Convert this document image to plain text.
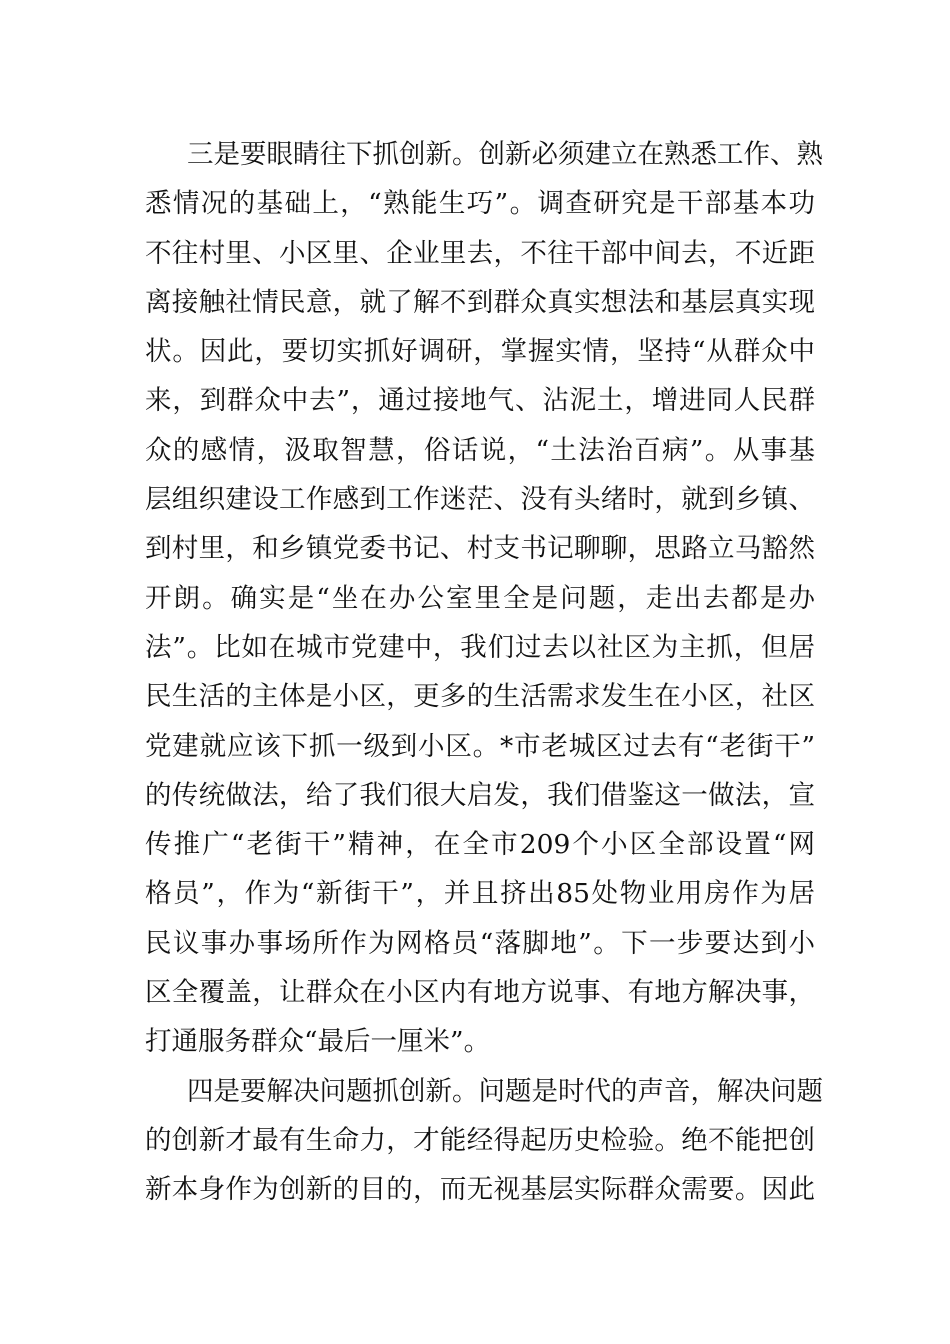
三是要眼睛往下抓创新。创新必须建立在熟悉工作、熟
悉情况的基础上，“熟能生巧”。调查研究是干部基本功
不往村里、小区里、企业里去，不往干部中间去，不近距
离接触社情民意，就了解不到群众真实想法和基层真实现
状。因此，要切实抓好调研，掌握实情，坚持“从群众中
来，到群众中去”，通过接地气、沾泥土，增进同人民群
众的感情，汲取智慧，俗话说，“土法治百病”。从事基
层组织建设工作感到工作迷茫、没有头绪时，就到乡镇、
到村里，和乡镇党委书记、村支书记聊聊，思路立马豁然
开朗。确实是“坐在办公室里全是问题，走出去都是办
法”。比如在城市党建中，我们过去以社区为主抓，但居
民生活的主体是小区，更多的生活需求发生在小区，社区
党建就应该下抓一级到小区。*市老城区过去有“老街干”
的传统做法，给了我们很大启发，我们借鉴这一做法，宣
传推广“老街干”精神，在全市209个小区全部设置“网
格员”，作为“新街干”，并且挤出85处物业用房作为居
民议事办事场所作为网格员“落脚地”。下一步要达到小
区全覆盖，让群众在小区内有地方说事、有地方解决事，
打通服务群众“最后一厘米”。
四是要解决问题抓创新。问题是时代的声音，解决问题
的创新才最有生命力，才能经得起历史检验。绝不能把创
新本身作为创新的目的，而无视基层实际群众需要。因此
